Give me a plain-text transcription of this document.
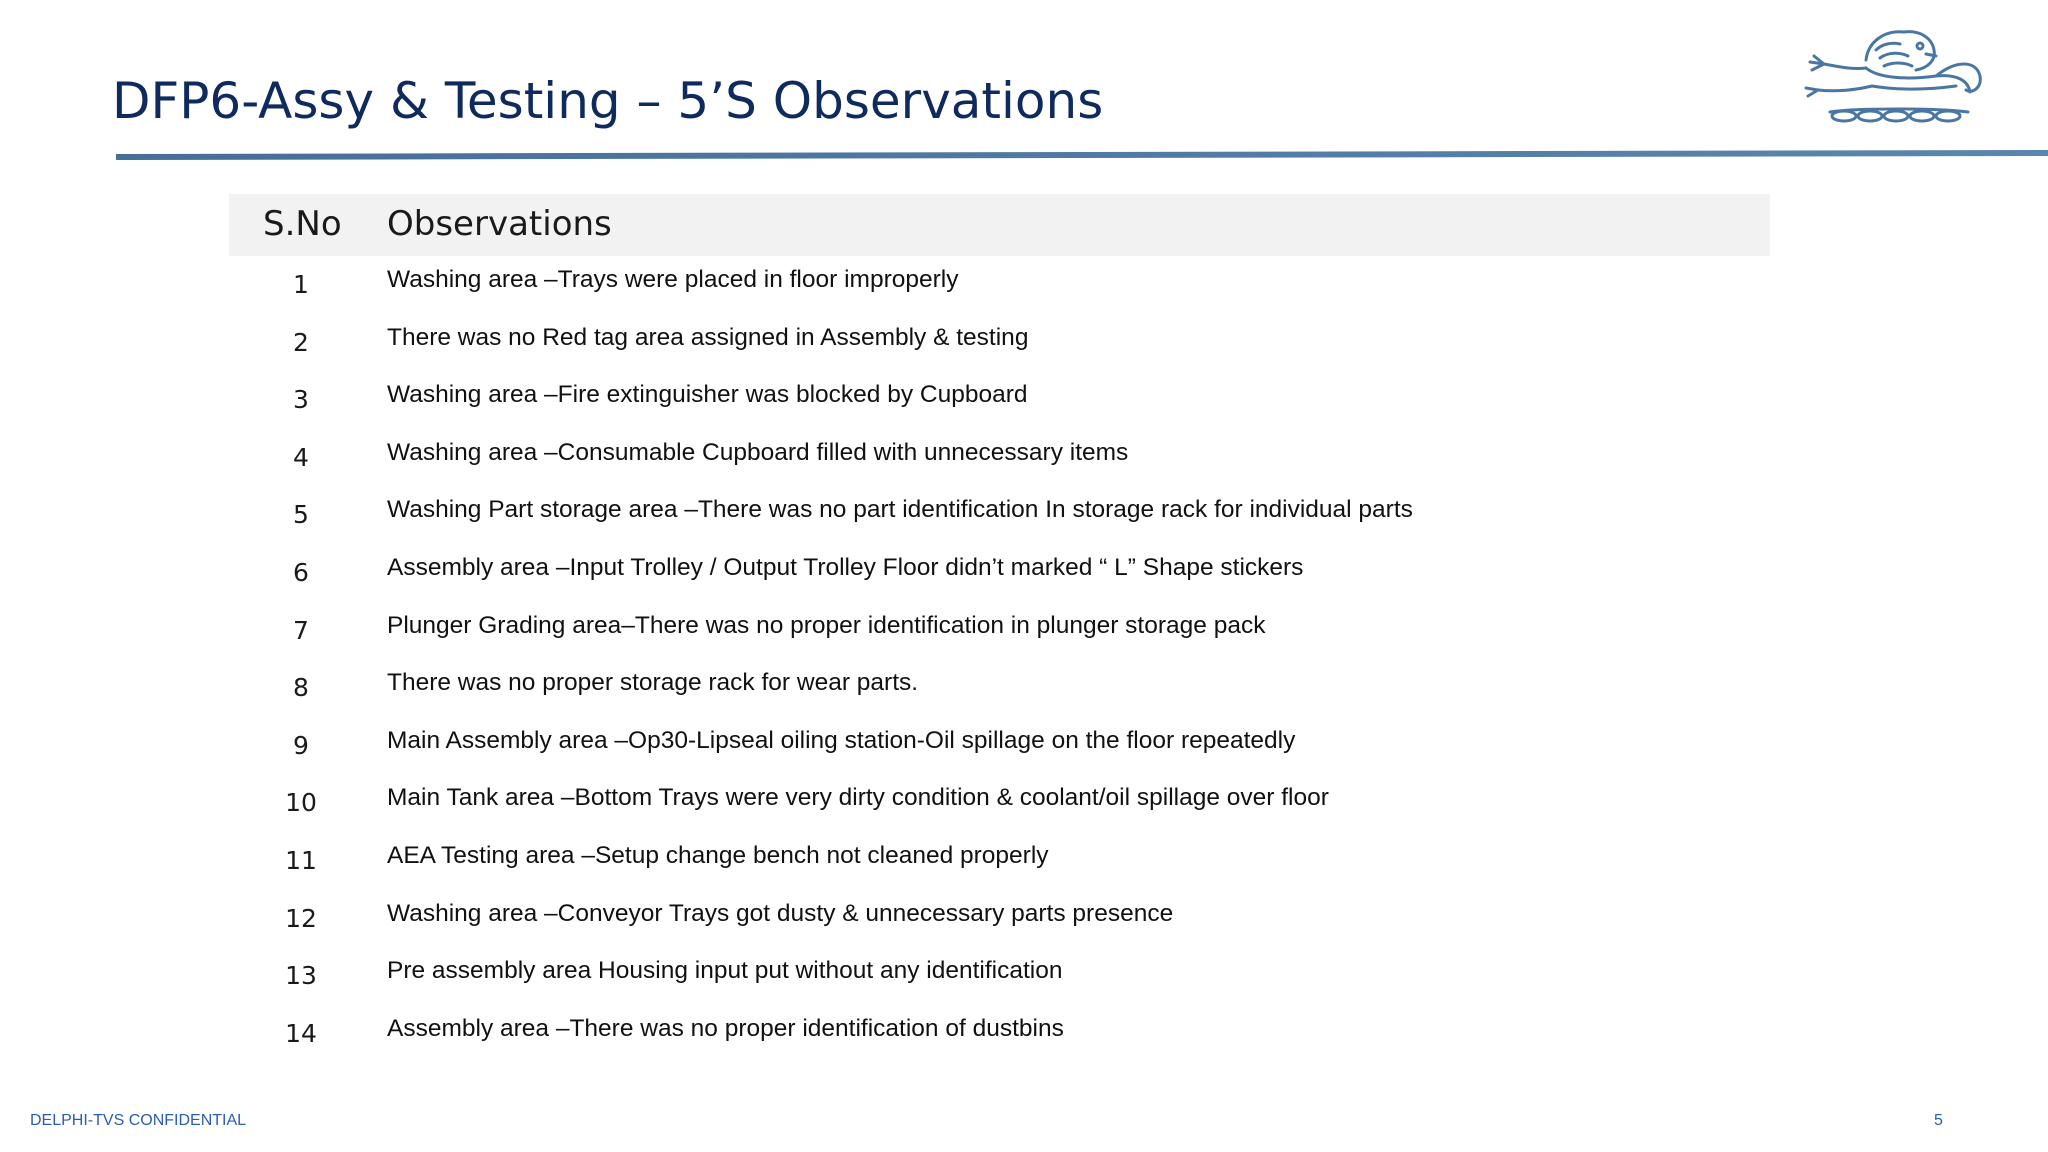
DFP6-Assy & Testing – 5’S Observations
S.No Observations
1	Washing area –Trays were placed in floor improperly
2	There was no Red tag area assigned in Assembly & testing
3	Washing area –Fire extinguisher was blocked by Cupboard
4	Washing area –Consumable Cupboard filled with unnecessary items
5	Washing Part storage area –There was no part identification In storage rack for individual parts
6	Assembly area –Input Trolley / Output Trolley Floor didn’t marked “ L” Shape stickers
7	Plunger Grading area–There was no proper identification in plunger storage pack
8	There was no proper storage rack for wear parts.
9	Main Assembly area –Op30-Lipseal oiling station-Oil spillage on the floor repeatedly
10	Main Tank area –Bottom Trays were very dirty condition & coolant/oil spillage over floor
11	AEA Testing area –Setup change bench not cleaned properly
12	Washing area –Conveyor Trays got dusty & unnecessary parts presence
13	Pre assembly area Housing input put without any identification
14	Assembly area –There was no proper identification of dustbins
DELPHI-TVS CONFIDENTIAL	5
